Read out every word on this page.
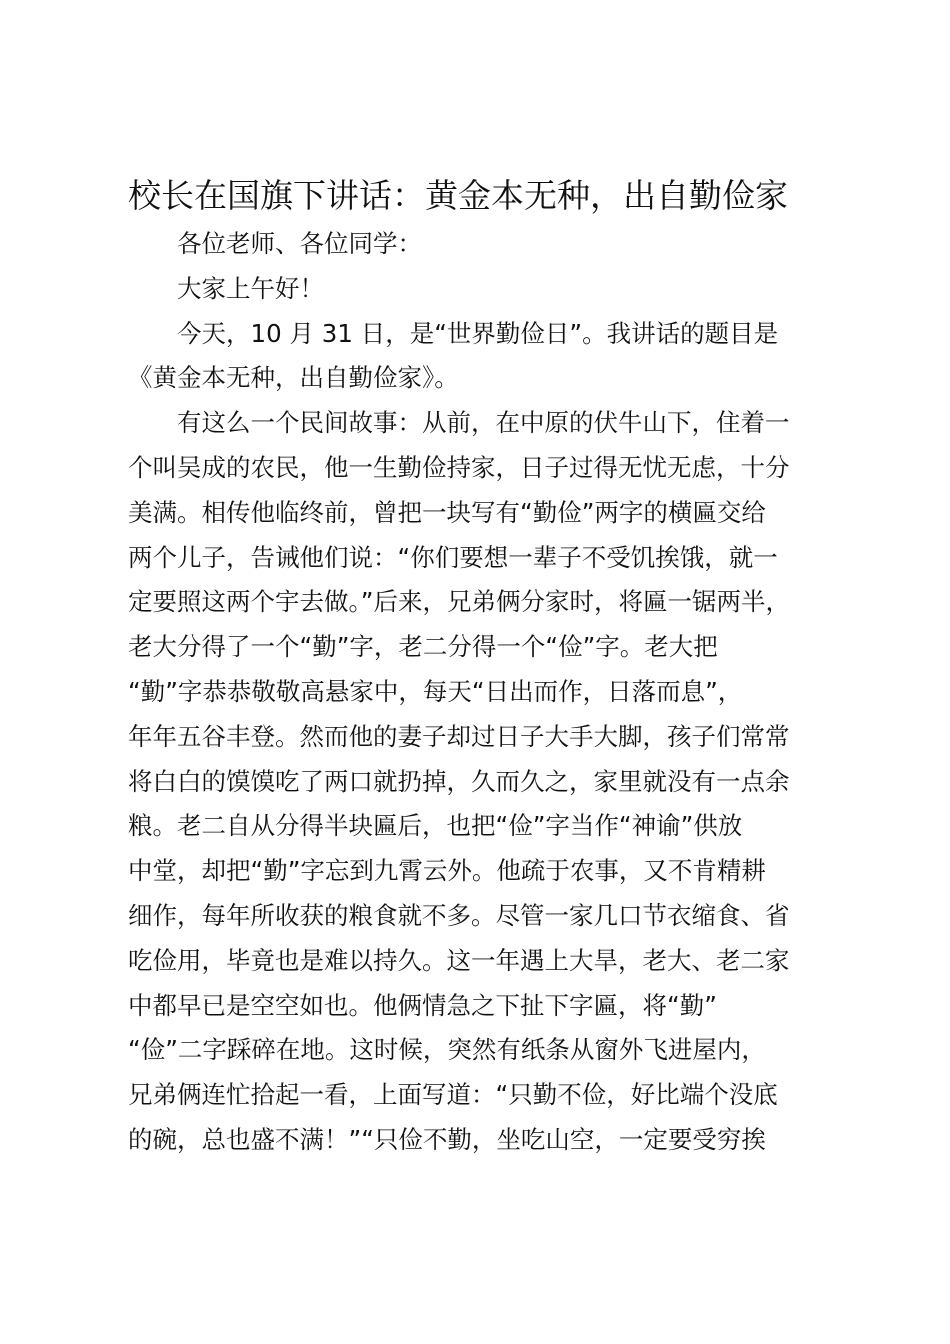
校长在国旗下讲话：黄金本无种，出自勤俭家
各位老师、各位同学：
大家上午好！
今天，10 月 31 日，是“世界勤俭日”。我讲话的题目是
《黄金本无种，出自勤俭家》。
有这么一个民间故事：从前，在中原的伏牛山下，住着一
个叫吴成的农民，他一生勤俭持家，日子过得无忧无虑，十分
美满。相传他临终前，曾把一块写有“勤俭”两字的横匾交给
两个儿子，告诫他们说：“你们要想一辈子不受饥挨饿，就一
定要照这两个宇去做。”后来，兄弟俩分家时，将匾一锯两半，
老大分得了一个“勤”字，老二分得一个“俭”字。老大把
“勤”字恭恭敬敬高悬家中，每天“日出而作，日落而息”，
年年五谷丰登。然而他的妻子却过日子大手大脚，孩子们常常
将白白的馍馍吃了两口就扔掉，久而久之，家里就没有一点余
粮。老二自从分得半块匾后，也把“俭”字当作“神谕”供放
中堂，却把“勤”字忘到九霄云外。他疏于农事，又不肯精耕
细作，每年所收获的粮食就不多。尽管一家几口节衣缩食、省
吃俭用，毕竟也是难以持久。这一年遇上大旱，老大、老二家
中都早已是空空如也。他俩情急之下扯下字匾，将“勤”
“俭”二字踩碎在地。这时候，突然有纸条从窗外飞进屋内，
兄弟俩连忙拾起一看，上面写道：“只勤不俭，好比端个没底
的碗，总也盛不满！”“只俭不勤，坐吃山空，一定要受穷挨
